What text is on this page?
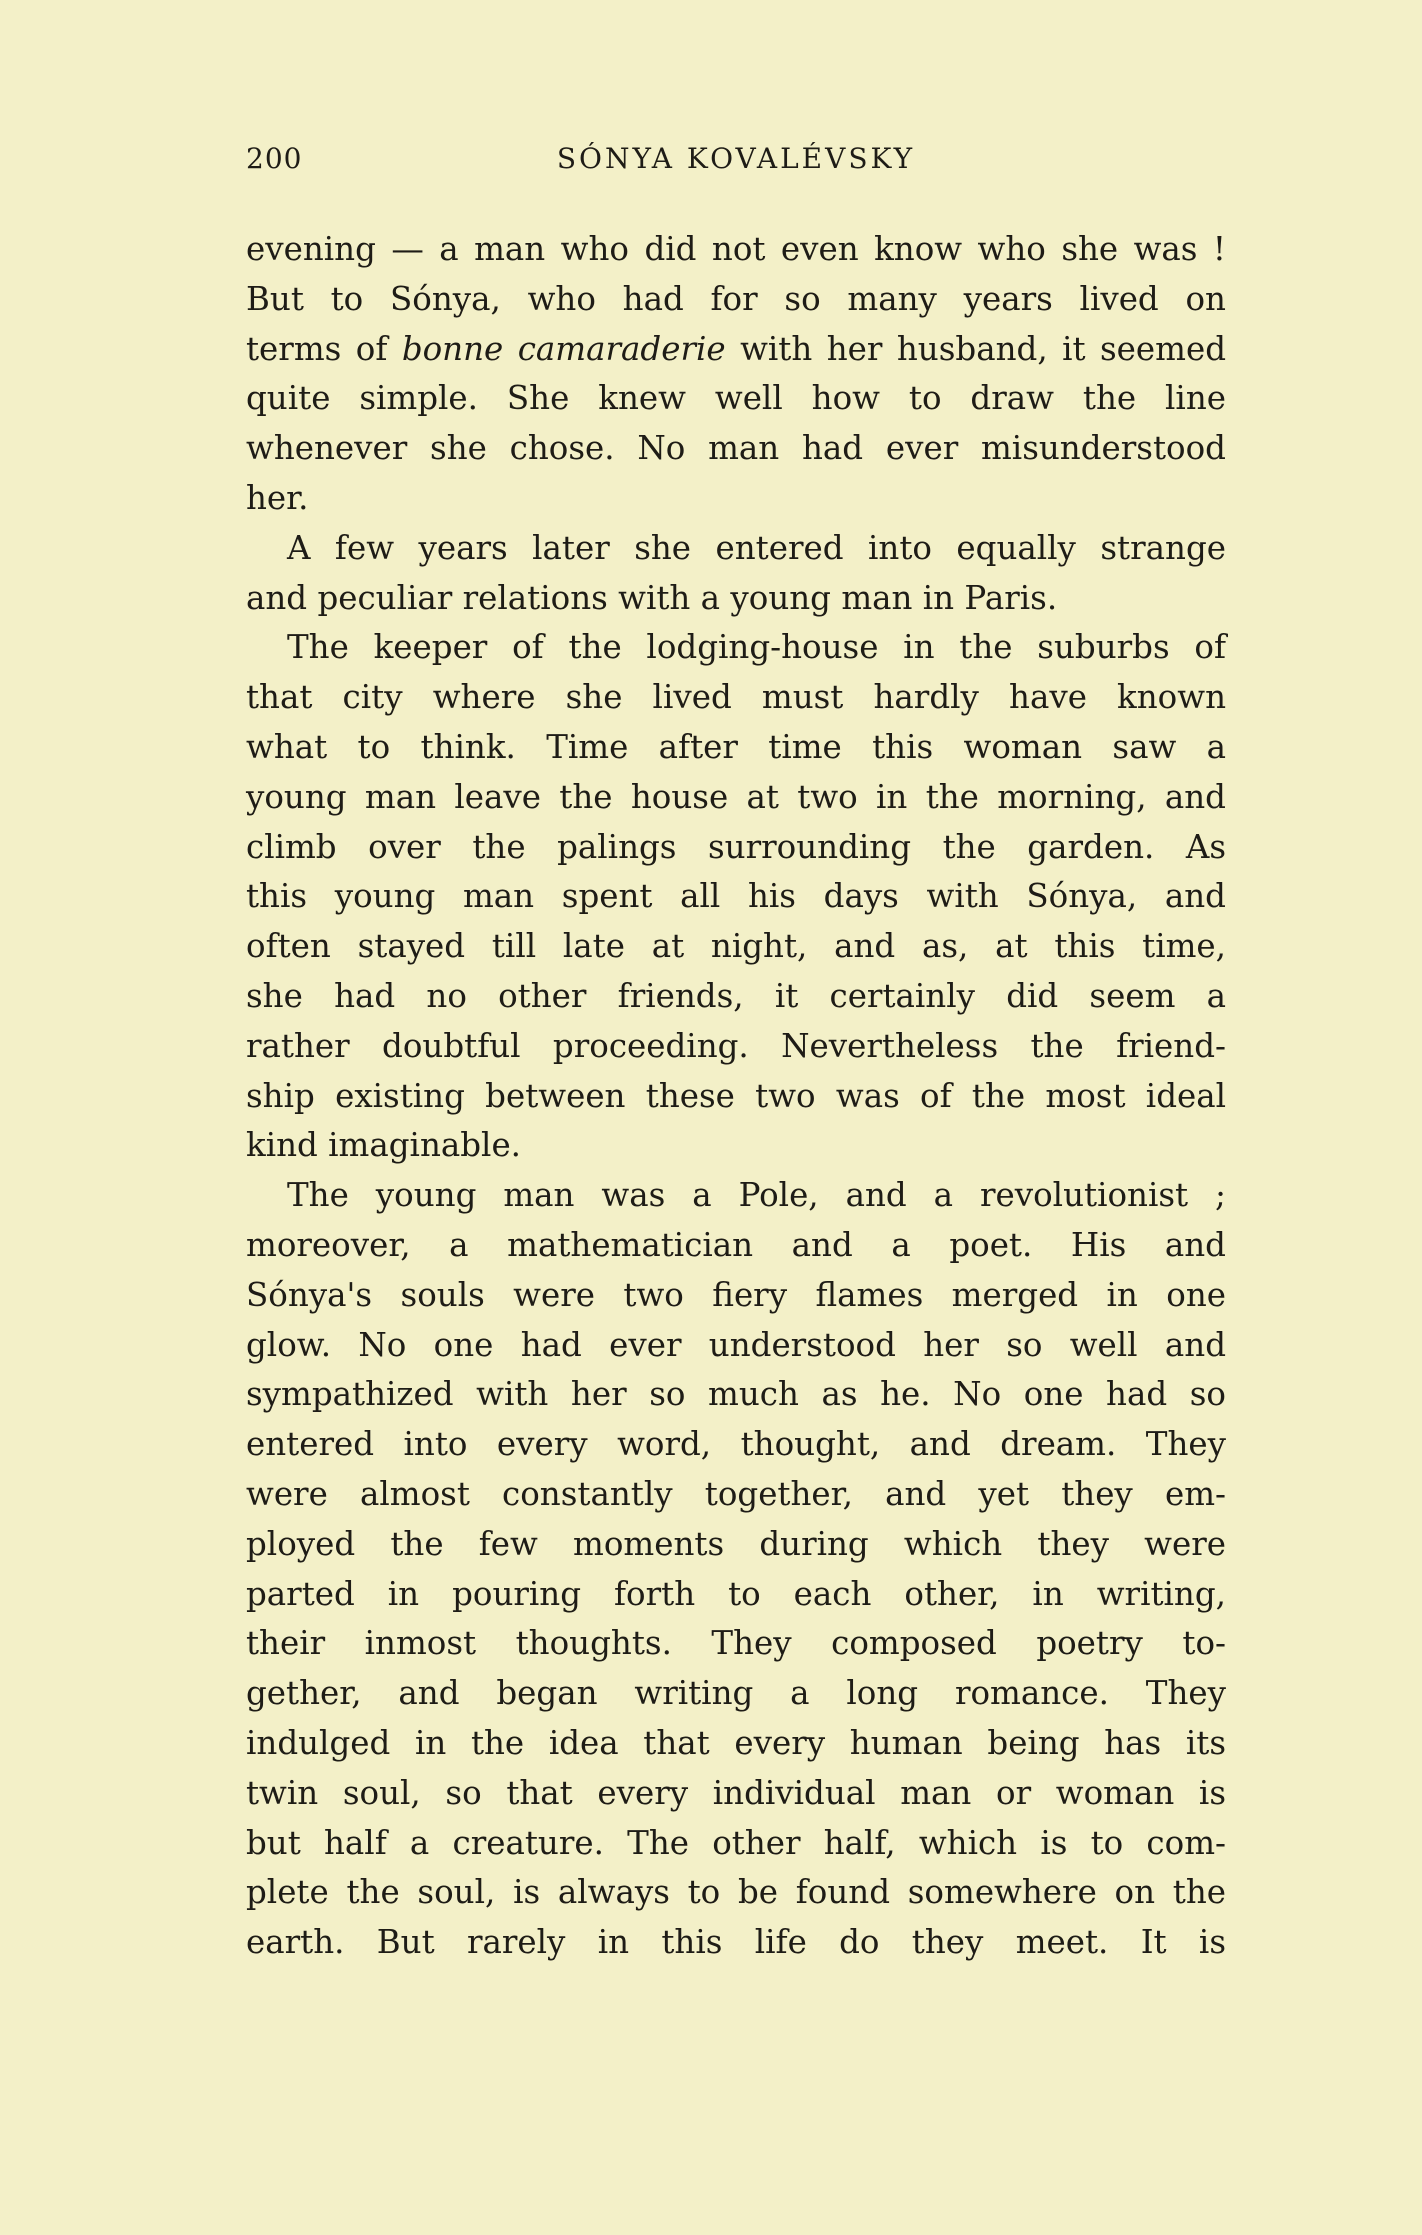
200	SÓNYA KOVALÉVSKY
evening — a man who did not even know who she was !
But to Sónya, who had for so many years lived on
terms of bonne camaraderie with her husband, it seemed
quite simple. She knew well how to draw the line
whenever she chose. No man had ever misunderstood
her.
A few years later she entered into equally strange
and peculiar relations with a young man in Paris.
The keeper of the lodging-house in the suburbs of
that city where she lived must hardly have known
what to think. Time after time this woman saw a
young man leave the house at two in the morning, and
climb over the palings surrounding the garden. As
this young man spent all his days with Sónya, and
often stayed till late at night, and as, at this time,
she had no other friends, it certainly did seem a
rather doubtful proceeding. Nevertheless the friend-
ship existing between these two was of the most ideal
kind imaginable.
The young man was a Pole, and a revolutionist ;
moreover, a mathematician and a poet. His and
Sónya's souls were two fiery flames merged in one
glow. No one had ever understood her so well and
sympathized with her so much as he. No one had so
entered into every word, thought, and dream. They
were almost constantly together, and yet they em-
ployed the few moments during which they were
parted in pouring forth to each other, in writing,
their inmost thoughts. They composed poetry to-
gether, and began writing a long romance. They
indulged in the idea that every human being has its
twin soul, so that every individual man or woman is
but half a creature. The other half, which is to com-
plete the soul, is always to be found somewhere on the
earth. But rarely in this life do they meet. It is
